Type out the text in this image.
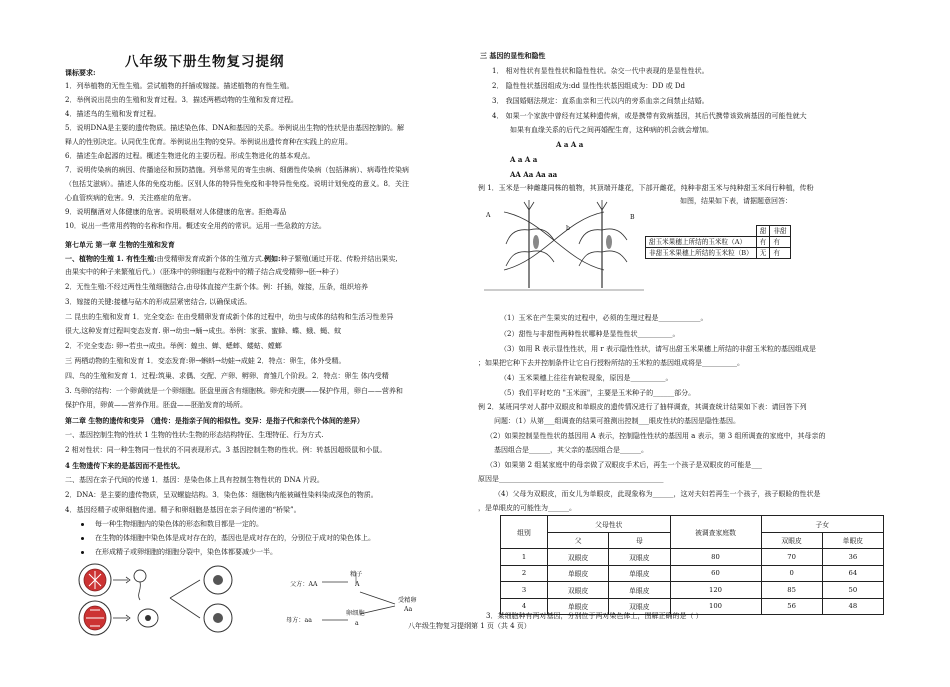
八年级下册生物复习提纲
课标要求:
1．列举植物的无性生殖。尝试植物的扦插或嫁接。描述植物的有性生殖。
2．举例说出昆虫的生殖和发育过程。3．描述两栖动物的生殖和发育过程。
4．描述鸟的生殖和发育过程。
5．说明DNA是主要的遗传物质。描述染色体、DNA和基因的关系。举例说出生物的性状是由基因控制的。解
释人的性别决定。认同优生优育。举例说出生物的变异。举例说出遗传育种在实践上的应用。
6．描述生命起源的过程。概述生物进化的主要历程。形成生物进化的基本观点。
7．说明传染病的病因、传播途径和预防措施。列举常见的寄生虫病、细菌性传染病（包括淋病）、病毒性传染病
（包括艾滋病）。描述人体的免疫功能。区别人体的特异性免疫和非特异性免疫。说明计划免疫的意义。8．关注
心血管疾病的危害。9．关注癌症的危害。
9．说明酗酒对人体健康的危害。说明吸烟对人体健康的危害。拒绝毒品
10．说出一些常用药物的名称和作用。概述安全用药的常识。运用一些急救的方法。
第七单元 第一章 生物的生殖和发育
一、植物的生殖 1. 有性生殖:由受精卵发育成新个体的生殖方式.例如:种子繁殖(通过开花、传粉并结出果实,
由果实中的种子来繁殖后代。）（胚珠中的卵细胞与花粉中的精子结合成受精卵→胚→种子）
2．无性生殖:不经过两性生殖细胞结合,由母体直接产生新个体。例：扦插，嫁接，压条，组织培养
3．嫁接的关键:接穗与砧木的形成层紧密结合, 以确保成活。
二 昆虫的生殖和发育 1．完全变态: 在由受精卵发育成新个体的过程中，幼虫与成体的结构和生活习性差异
很大,这种发育过程叫变态发育. 卵→幼虫→蛹→成虫。举例：家蚕、蜜蜂、蝶、蛾、蝇、蚊
2．不完全变态: 卵→若虫→成虫。举例：蝗虫、蝉、蟋蟀、蝼蛄、螳螂
三 两栖动物的生殖和发育 1．变态发育:卵→蝌蚪→幼蛙→成蛙 2．特点：卵生，体外受精。
四、鸟的生殖和发育 1．过程:筑巢、求偶、交配、产卵、孵卵、育雏几个阶段。2．特点：卵生 体内受精
3. 鸟卵的结构：一个卵黄就是一个卵细胞。胚盘里面含有细胞核。卵壳和壳膜——保护作用，卵白——营养和
保护作用，卵黄——营养作用。胚盘——胚胎发育的场所。
第二章 生物的遗传和变异 （遗传：是指亲子间的相似性。变异：是指子代和亲代个体间的差异）
一、基因控制生物的性状 1 生物的性状:生物的形态结构特征、生理特征、行为方式.
2 相对性状：同一种生物同一性状的不同表现形式。3 基因控制生物的性状。例：转基因超级鼠和小鼠。
4 生物遗传下来的是基因而不是性状。
二、基因在亲子代间的传递 1．基因：是染色体上具有控制生物性状的 DNA 片段。
2．DNA：是主要的遗传物质，呈双螺旋结构。3．染色体：细胞核内能被碱性染料染成深色的物质。
4．基因经精子或卵细胞传递。精子和卵细胞是基因在亲子间传递的“桥梁”。
每一种生物细胞内的染色体的形态和数目都是一定的。
在生物的体细胞中染色体是成对存在的，基因也是成对存在的，分别位于成对的染色体上。
在形成精子或卵细胞的细胞分裂中，染色体都要减少一半。
父方：AA
母方：aa
精子
A
卵细胞
a
受精卵
Aa
三 基因的显性和隐性
1． 相对性状有显性性状和隐性性状。杂交一代中表现的是显性性状。
2． 隐性性状基因组成为:dd 显性性状基因组成为：DD 或 Dd
3． 我国婚姻法规定：直系血亲和三代以内的旁系血亲之间禁止结婚。
4． 如果一个家族中曾经有过某种遗传病，或是携带有致病基因，其后代携带该致病基因的可能性就大
如果有血缘关系的后代之间再婚配生育，这种病的机会就会增加。
A a A a
A a A a
AA Aa Aa aa
例 1．玉米是一种雌雄同株的植物，其顶端开雄花，下部开雌花，纯种非甜玉米与纯种甜玉米间行种植，传粉
如图，结果如下表，请据题意回答：
A
b
B
	甜	非甜
甜玉米果穗上所结的玉米粒（A）	有	有
非甜玉米果穗上所结的玉米粒（B）	无	有
（1）玉米在产生果实的过程中，必须的生理过程是____________。
（2）甜性与非甜性两种性状哪种是显性性状__________。
（3）如用 R 表示显性性状，用 r 表示隐性性状，请写出甜玉米果穗上所结的非甜玉米粒的基因组成是
；如果把它种下去并控制条件让它自行授粉所结的玉米粒的基因组成将是__________。
（4）玉米果穗上往往有缺粒现象，原因是__________。
（5）我们平时吃的 "玉米面"，主要是玉米种子的______部分。
例 2．某班同学对人群中双眼皮和单眼皮的遗传情况进行了抽样调查，其调查统计结果如下表：请回答下列
问题：（1）从第___组调查的结果可推测出控制___眼皮性状的基因是隐性基因。
（2）如果控制显性性状的基因用 A 表示，控制隐性性状的基因用 a 表示，第 3 组所调查的家庭中，其母亲的
基因组合是______，其父亲的基因组合是______。
（3）如果第 2 组某家庭中的母亲做了双眼皮手术后，再生一个孩子是双眼皮的可能是___
原因是_______________________________________________
（4）父母为双眼皮，而女儿为单眼皮，此现象称为______，这对夫妇若再生一个孩子，孩子眼睑的性状是
，是单眼皮的可能性为______。
组别	父母性状		被调查家庭数	子女	
	父	母		双眼皮	单眼皮
1	双眼皮	双眼皮	80	70	36
2	单眼皮	单眼皮	60	0	64
3	双眼皮	单眼皮	120	85	50
4	单眼皮	双眼皮	100	56	48
3．某细胞种有两对基因，分别位于两对染色体上，图解正确的是（ ）
八年级生物复习提纲第 1 页（共 4 页）
